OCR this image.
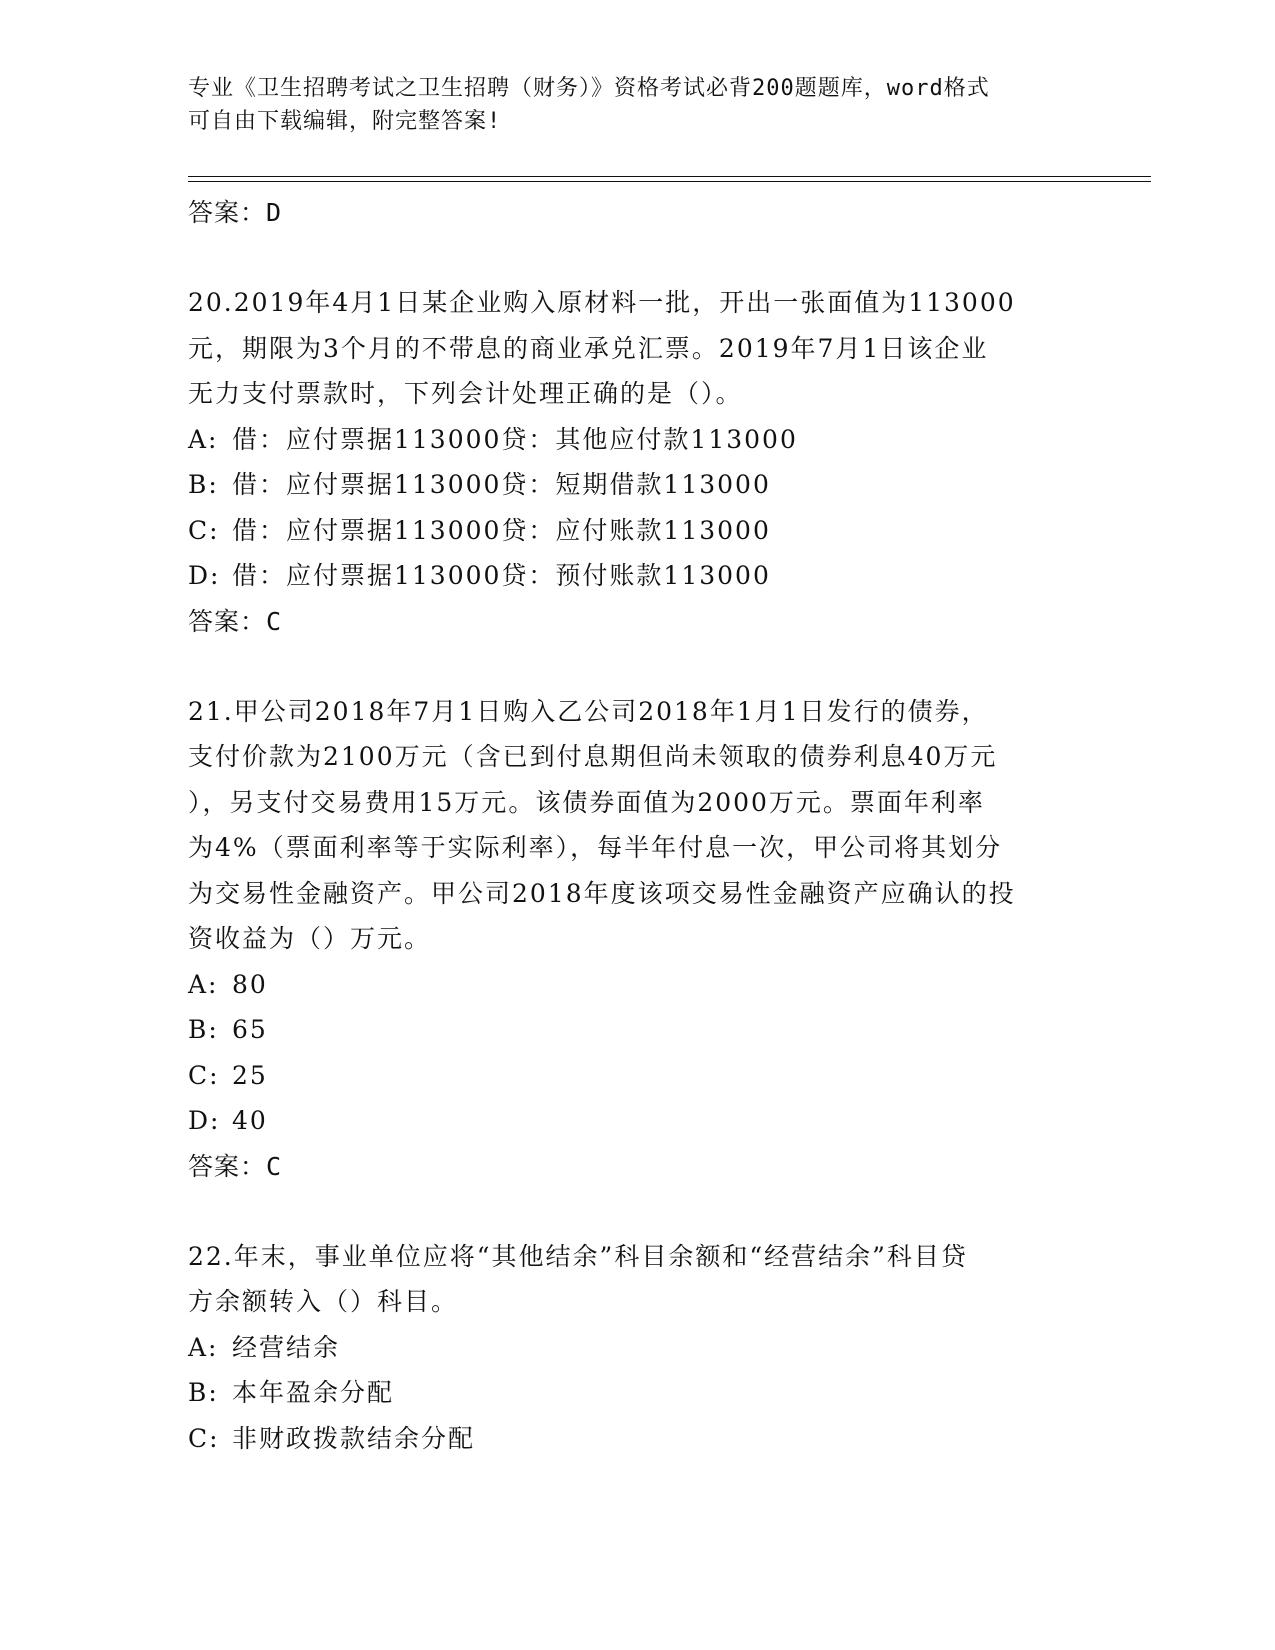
专业《卫生招聘考试之卫生招聘（财务）》资格考试必背200题题库，word格式
可自由下载编辑，附完整答案!

答案：D

20.2019年4月1日某企业购入原材料一批，开出一张面值为113000

元，期限为3个月的不带息的商业承兑汇票。2019年7月1日该企业

无力支付票款时，下列会计处理正确的是（）。

A: 借：应付票据113000贷：其他应付款113000

B: 借：应付票据113000贷：短期借款113000

C: 借：应付票据113000贷：应付账款113000

D: 借：应付票据113000贷：预付账款113000

答案：C

21.甲公司2018年7月1日购入乙公司2018年1月1日发行的债券，

支付价款为2100万元（含已到付息期但尚未领取的债券利息40万元

），另支付交易费用15万元。该债券面值为2000万元。票面年利率

为4%（票面利率等于实际利率），每半年付息一次，甲公司将其划分

为交易性金融资产。甲公司2018年度该项交易性金融资产应确认的投

资收益为（）万元。

A: 80

B: 65

C: 25

D: 40

答案：C

22.年末，事业单位应将“其他结余”科目余额和“经营结余”科目贷

方余额转入（）科目。

A: 经营结余

B: 本年盈余分配

C: 非财政拨款结余分配
